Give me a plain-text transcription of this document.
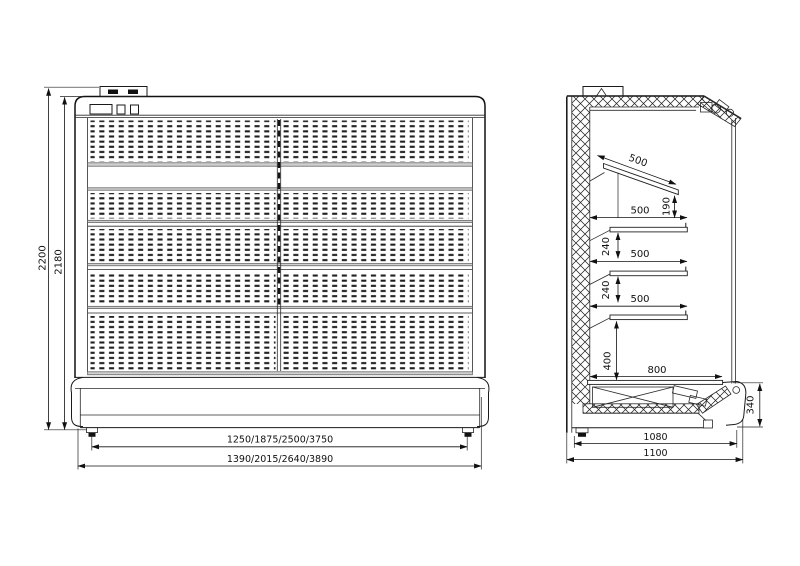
2200 2180
1250/1875/2500/3750
1390/2015/2640/3890
500
190
500
240 500
240 500
400	800
340
1080
1100
